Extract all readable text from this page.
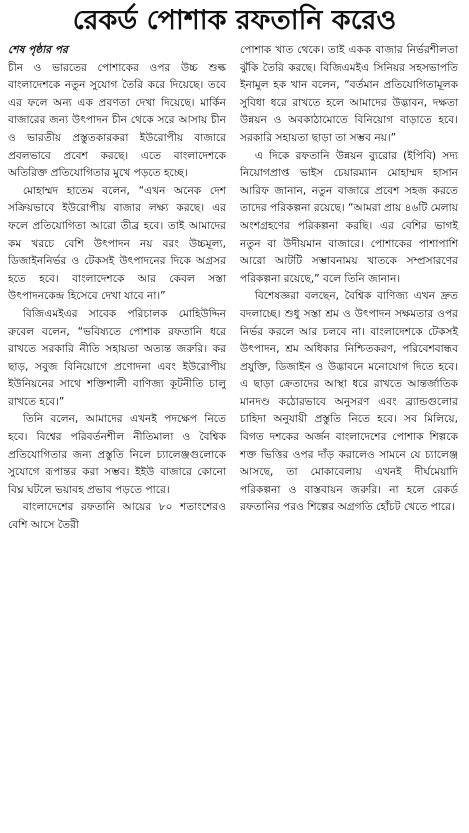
রেকর্ড পোশাক রফতানি করেও
শেষ পৃষ্ঠার পর

চীন ও ভারতের পোশাকের ওপর উচ্চ শুল্ক বাংলাদেশকে নতুন সুযোগ তৈরি করে দিয়েছে। তবে এর ফলে অন্য এক প্রবণতা দেখা দিয়েছে। মার্কিন বাজারের জন্য উৎপাদন চীন থেকে সরে আসায় চীন ও ভারতীয় প্রস্তুতকারকরা ইউরোপীয় বাজারে প্রবলভাবে প্রবেশ করছে। এতে বাংলাদেশকে অতিরিক্ত প্রতিযোগিতার মুখে পড়তে হচ্ছে।

মোহাম্মদ হাতেম বলেন, “এখন অনেক দেশ সক্রিয়ভাবে ইউরোপীয় বাজার লক্ষ্য করছে। এর ফলে প্রতিযোগিতা আরো তীব্র হবে। তাই আমাদের কম খরচে বেশি উৎপাদন নয় বরং উচ্চমূল্য, ডিজাইননির্ভর ও টেকসই উৎপাদনের দিকে অগ্রসর হতে হবে। বাংলাদেশকে আর কেবল সস্তা উৎপাদনকেন্দ্র হিসেবে দেখা যাবে না।”

বিজিএমইএর সাবেক পরিচালক মোহিউদ্দিন রুবেল বলেন, “ভবিষ্যতে পোশাক রফতানি ধরে রাখতে সরকারি নীতি সহায়তা অত্যন্ত জরুরি। কর ছাড়, সবুজ বিনিয়োগে প্রণোদনা এবং ইউরোপীয় ইউনিয়নের সাথে শক্তিশালী বাণিজ্য কূটনীতি চালু রাখতে হবে।”

তিনি বলেন, আমাদের এখনই পদক্ষেপ নিতে হবে। বিশ্বের পরিবর্তনশীল নীতিমালা ও বৈশ্বিক প্রতিযোগিতার জন্য প্রস্তুতি নিলে চ্যালেঞ্জগুলোকে সুযোগে রূপান্তর করা সম্ভব। ইইউ বাজারে কোনো বিঘ্ন ঘটলে ভয়াবহ প্রভাব পড়তে পারে।

বাংলাদেশের রফতানি আয়ের ৮০ শতাংশেরও বেশি আসে তৈরী

পোশাক খাত থেকে। তাই একক বাজার নির্ভরশীলতা ঝুঁকি তৈরি করছে। বিজিএমইএ সিনিয়র সহসভাপতি ইনামুল হক খান বলেন, “বর্তমান প্রতিযোগিতামূলক সুবিধা ধরে রাখতে হলে আমাদের উদ্ভাবন, দক্ষতা উন্নয়ন ও অবকাঠামোতে বিনিয়োগ বাড়াতে হবে। সরকারি সহায়তা ছাড়া তা সম্ভব নয়।”

এ দিকে রফতানি উন্নয়ন ব্যুরোর (ইপিবি) সদ্য নিয়োগপ্রাপ্ত ভাইস চেয়ারম্যান মোহাম্মদ হাসান আরিফ জানান, নতুন বাজারে প্রবেশ সহজ করতে তাদের পরিকল্পনা রয়েছে। “আমরা প্রায় ৪৬টি মেলায় অংশগ্রহণের পরিকল্পনা করছি। এর বেশির ভাগই নতুন বা উদীয়মান বাজারে। পোশাকের পাশাপাশি আরো আটটি সম্ভাবনাময় খাতকে সম্প্রসারণের পরিকল্পনা রয়েছে,” বলে তিনি জানান।

বিশেষজ্ঞরা বলছেন, বৈশ্বিক বাণিজ্য এখন দ্রুত বদলাচ্ছে। শুধু সস্তা শ্রম ও উৎপাদন সক্ষমতার ওপর নির্ভর করলে আর চলবে না। বাংলাদেশকে টেকসই উৎপাদন, শ্রম অধিকার নিশ্চিতকরণ, পরিবেশবান্ধব প্রযুক্তি, ডিজাইন ও উদ্ভাবনে মনোযোগ দিতে হবে। এ ছাড়া ক্রেতাদের আস্থা ধরে রাখতে আন্তর্জাতিক মানদণ্ড কঠোরভাবে অনুসরণ এবং ব্র্যান্ডগুলোর চাহিদা অনুযায়ী প্রস্তুতি নিতে হবে। সব মিলিয়ে, বিগত দশকের অর্জন বাংলাদেশের পোশাক শিল্পকে শক্ত ভিত্তির ওপর দাঁড় করালেও সামনে যে চ্যালেঞ্জ আসছে, তা মোকাবেলায় এখনই দীর্ঘমেয়াদি পরিকল্পনা ও বাস্তবায়ন জরুরি। না হলে রেকর্ড রফতানির পরও শিল্পের অগ্রগতি হোঁচট খেতে পারে।
